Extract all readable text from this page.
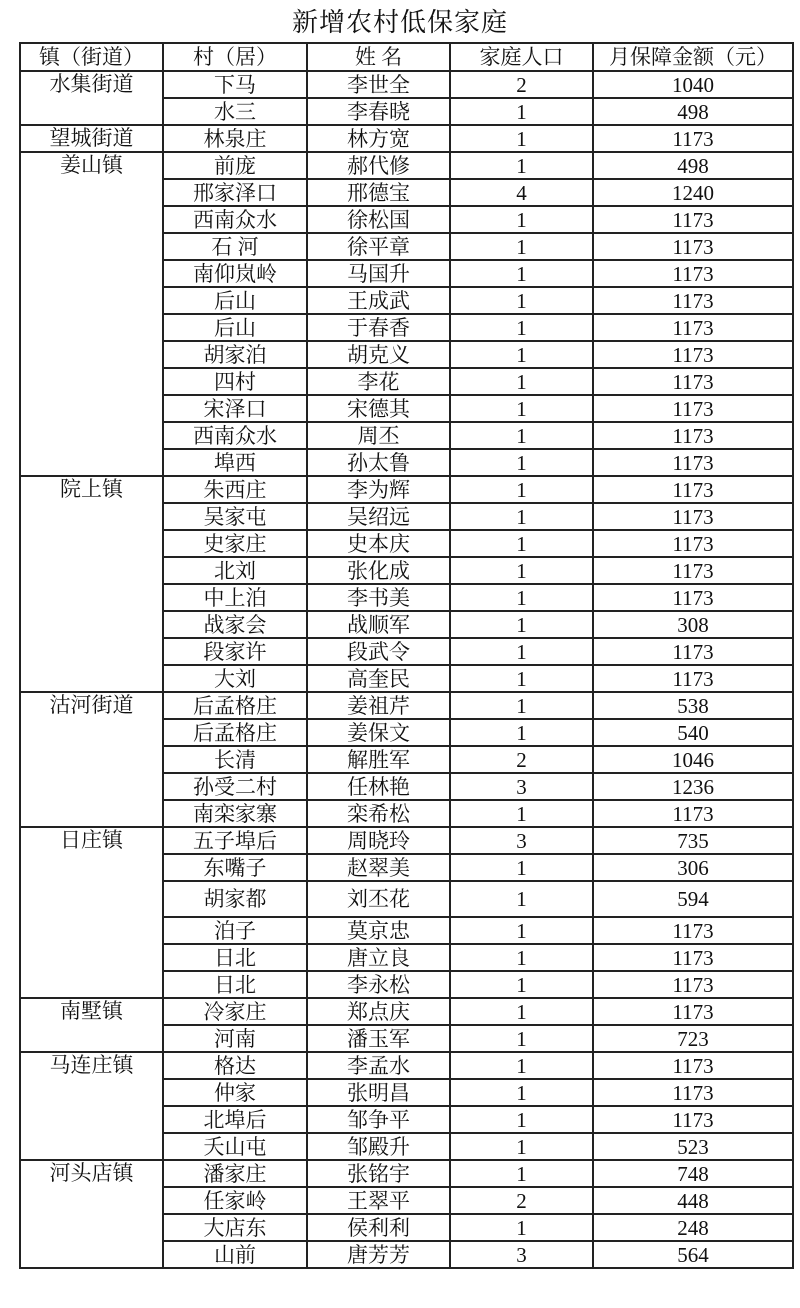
新增农村低保家庭
镇（街道）	村（居）	姓 名	家庭人口	月保障金额（元）
水集街道	下马	李世全	2	1040
	水三	李春晓	1	498
望城街道	林泉庄	林方宽	1	1173
姜山镇	前庞	郝代修	1	498
	邢家泽口	邢德宝	4	1240
	西南众水	徐松国	1	1173
	石 河	徐平章	1	1173
	南仰岚岭	马国升	1	1173
	后山	王成武	1	1173
	后山	于春香	1	1173
	胡家泊	胡克义	1	1173
	四村	李花	1	1173
	宋泽口	宋德其	1	1173
	西南众水	周丕	1	1173
	埠西	孙太鲁	1	1173
院上镇	朱西庄	李为辉	1	1173
	吴家屯	吴绍远	1	1173
	史家庄	史本庆	1	1173
	北刘	张化成	1	1173
	中上泊	李书美	1	1173
	战家会	战顺军	1	308
	段家许	段武令	1	1173
	大刘	高奎民	1	1173
沽河街道	后孟格庄	姜祖芹	1	538
	后孟格庄	姜保文	1	540
	长清	解胜军	2	1046
	孙受二村	任林艳	3	1236
	南栾家寨	栾希松	1	1173
日庄镇	五子埠后	周晓玲	3	735
	东嘴子	赵翠美	1	306
	胡家都	刘丕花	1	594
	泊子	莫京忠	1	1173
	日北	唐立良	1	1173
	日北	李永松	1	1173
南墅镇	冷家庄	郑点庆	1	1173
	河南	潘玉军	1	723
马连庄镇	格达	李孟水	1	1173
	仲家	张明昌	1	1173
	北埠后	邹争平	1	1173
	夭山屯	邹殿升	1	523
河头店镇	潘家庄	张铭宇	1	748
	任家岭	王翠平	2	448
	大店东	侯利利	1	248
	山前	唐芳芳	3	564
